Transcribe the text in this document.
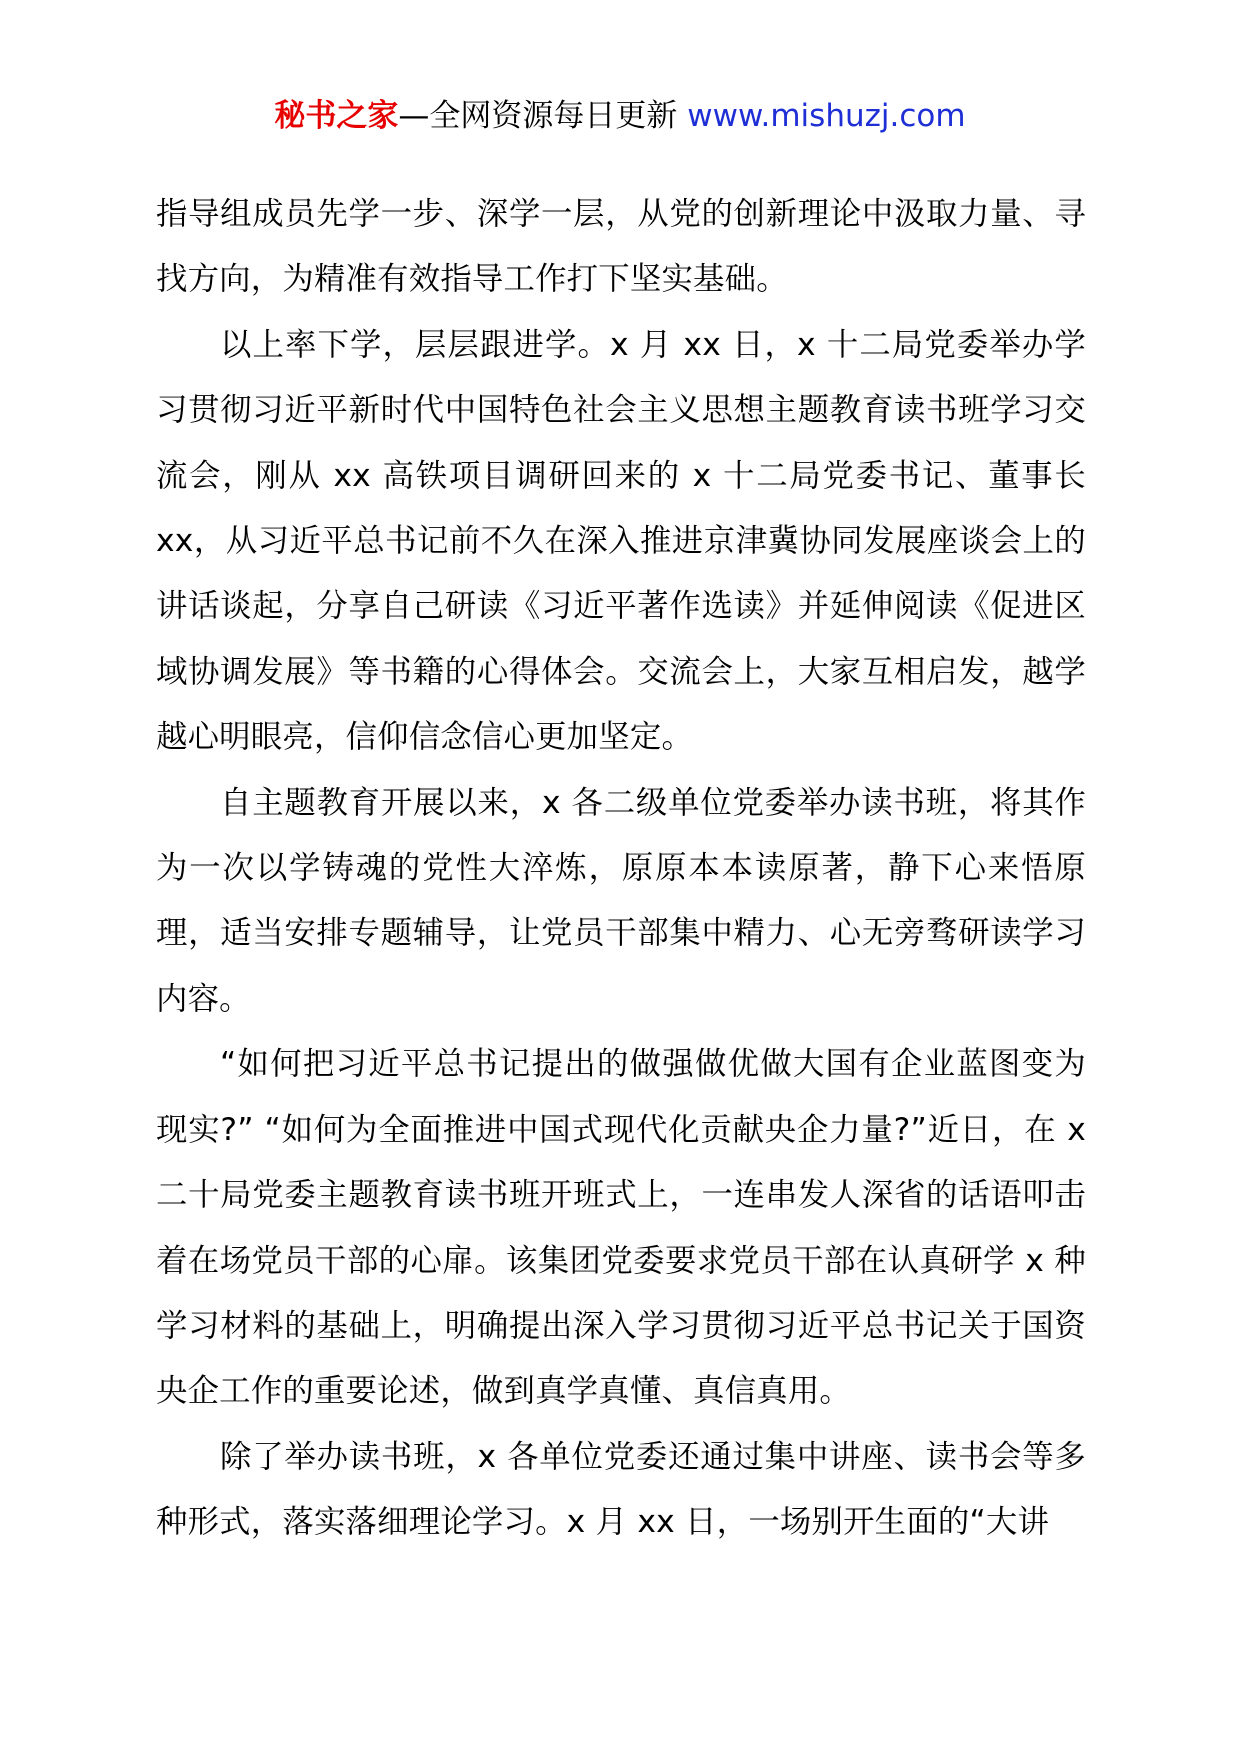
秘书之家—全网资源每日更新 www.mishuzj.com

指导组成员先学一步、深学一层，从党的创新理论中汲取力量、寻找方向，为精准有效指导工作打下坚实基础。

以上率下学，层层跟进学。x 月 xx 日，x 十二局党委举办学习贯彻习近平新时代中国特色社会主义思想主题教育读书班学习交流会，刚从 xx 高铁项目调研回来的 x 十二局党委书记、董事长 xx，从习近平总书记前不久在深入推进京津冀协同发展座谈会上的讲话谈起，分享自己研读《习近平著作选读》并延伸阅读《促进区域协调发展》等书籍的心得体会。交流会上，大家互相启发，越学越心明眼亮，信仰信念信心更加坚定。

自主题教育开展以来，x 各二级单位党委举办读书班，将其作为一次以学铸魂的党性大淬炼，原原本本读原著，静下心来悟原理，适当安排专题辅导，让党员干部集中精力、心无旁骛研读学习内容。

“如何把习近平总书记提出的做强做优做大国有企业蓝图变为现实?” “如何为全面推进中国式现代化贡献央企力量?”近日，在 x 二十局党委主题教育读书班开班式上，一连串发人深省的话语叩击着在场党员干部的心扉。该集团党委要求党员干部在认真研学 x 种学习材料的基础上，明确提出深入学习贯彻习近平总书记关于国资央企工作的重要论述，做到真学真懂、真信真用。

除了举办读书班，x 各单位党委还通过集中讲座、读书会等多种形式，落实落细理论学习。x 月 xx 日，一场别开生面的“大讲
